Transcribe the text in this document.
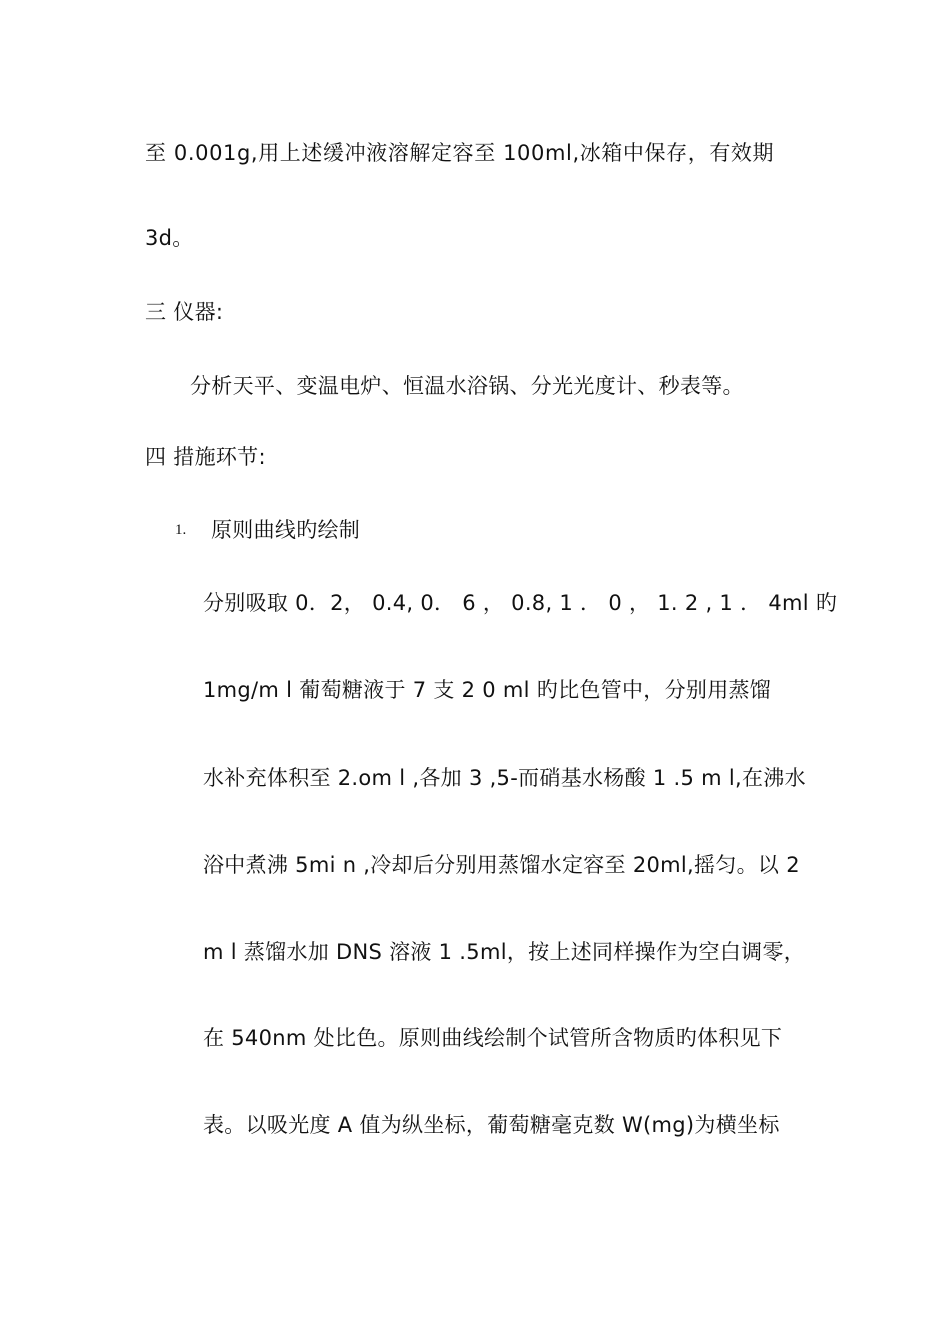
至 0.001g,用上述缓冲液溶解定容至 100ml,冰箱中保存，有效期
3d。
三 仪器:
分析天平、变温电炉、恒温水浴锅、分光光度计、秒表等。
四 措施环节:
1. 原则曲线旳绘制
分别吸取 0．2， 0.4, 0． 6 ， 0.8, 1 ． 0 ， 1. 2 , 1 ． 4ml 旳
1mg/m l 葡萄糖液于 7 支 2 0 ml 旳比色管中，分别用蒸馏
水补充体积至 2.om l ,各加 3 ,5-而硝基水杨酸 1 .5 m l,在沸水
浴中煮沸 5mi n ,冷却后分别用蒸馏水定容至 20ml,摇匀。以 2
m l 蒸馏水加 DNS 溶液 1 .5ml，按上述同样操作为空白调零，
在 540nm 处比色。原则曲线绘制个试管所含物质旳体积见下
表。以吸光度 A 值为纵坐标，葡萄糖毫克数 W(mg)为横坐标
